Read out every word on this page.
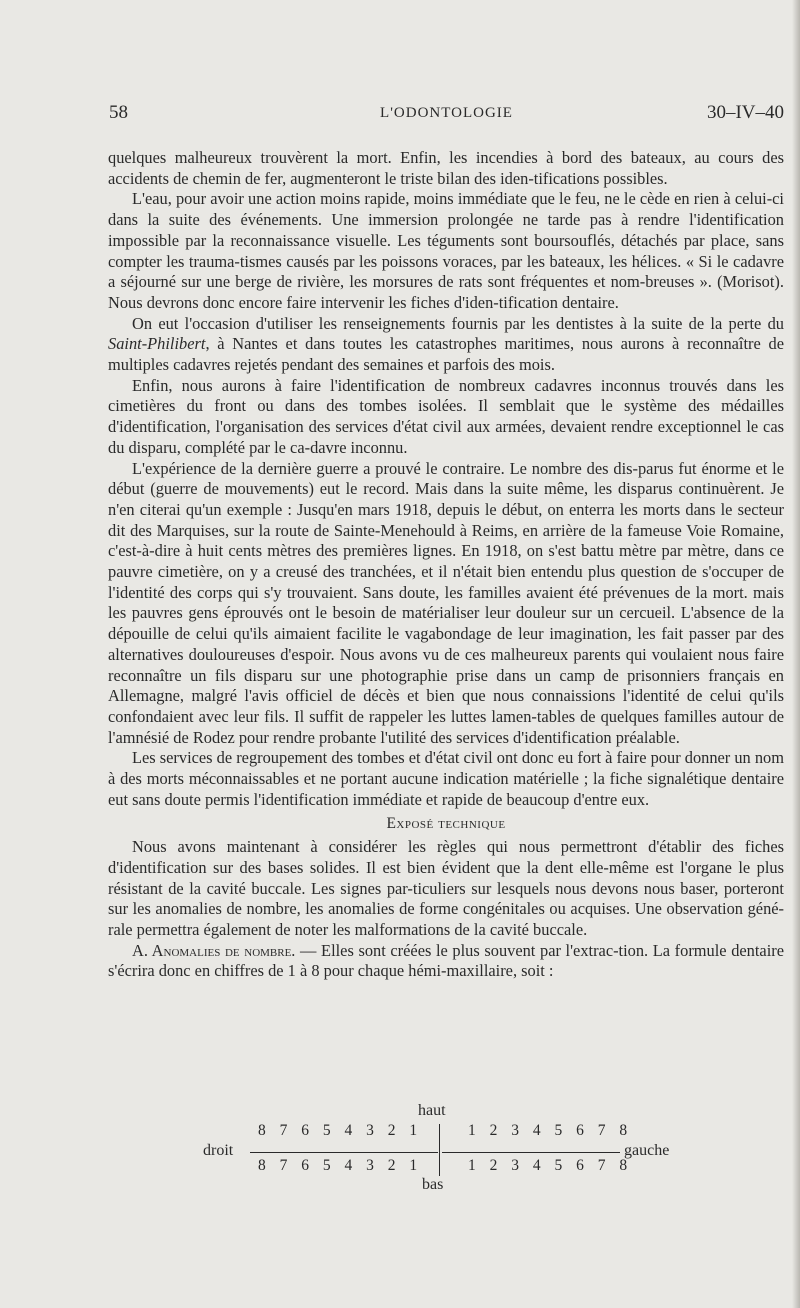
58	L'ODONTOLOGIE	30–IV–40

quelques malheureux trouvèrent la mort. Enfin, les incendies à bord des bateaux, au cours des accidents de chemin de fer, augmenteront le triste bilan des iden-tifications possibles.

L'eau, pour avoir une action moins rapide, moins immédiate que le feu, ne le cède en rien à celui-ci dans la suite des événements. Une immersion prolongée ne tarde pas à rendre l'identification impossible par la reconnaissance visuelle. Les téguments sont boursouflés, détachés par place, sans compter les trauma-tismes causés par les poissons voraces, par les bateaux, les hélices. « Si le cadavre a séjourné sur une berge de rivière, les morsures de rats sont fréquentes et nom-breuses ». (Morisot). Nous devrons donc encore faire intervenir les fiches d'iden-tification dentaire.

On eut l'occasion d'utiliser les renseignements fournis par les dentistes à la suite de la perte du Saint-Philibert, à Nantes et dans toutes les catastrophes maritimes, nous aurons à reconnaître de multiples cadavres rejetés pendant des semaines et parfois des mois.

Enfin, nous aurons à faire l'identification de nombreux cadavres inconnus trouvés dans les cimetières du front ou dans des tombes isolées. Il semblait que le système des médailles d'identification, l'organisation des services d'état civil aux armées, devaient rendre exceptionnel le cas du disparu, complété par le ca-davre inconnu.

L'expérience de la dernière guerre a prouvé le contraire. Le nombre des dis-parus fut énorme et le début (guerre de mouvements) eut le record. Mais dans la suite même, les disparus continuèrent. Je n'en citerai qu'un exemple : Jusqu'en mars 1918, depuis le début, on enterra les morts dans le secteur dit des Marquises, sur la route de Sainte-Menehould à Reims, en arrière de la fameuse Voie Romaine, c'est-à-dire à huit cents mètres des premières lignes. En 1918, on s'est battu mètre par mètre, dans ce pauvre cimetière, on y a creusé des tranchées, et il n'était bien entendu plus question de s'occuper de l'identité des corps qui s'y trouvaient. Sans doute, les familles avaient été prévenues de la mort. mais les pauvres gens éprouvés ont le besoin de matérialiser leur douleur sur un cercueil. L'absence de la dépouille de celui qu'ils aimaient facilite le vagabondage de leur imagination, les fait passer par des alternatives douloureuses d'espoir. Nous avons vu de ces malheureux parents qui voulaient nous faire reconnaître un fils disparu sur une photographie prise dans un camp de prisonniers français en Allemagne, malgré l'avis officiel de décès et bien que nous connaissions l'identité de celui qu'ils confondaient avec leur fils. Il suffit de rappeler les luttes lamen-tables de quelques familles autour de l'amnésié de Rodez pour rendre probante l'utilité des services d'identification préalable.

Les services de regroupement des tombes et d'état civil ont donc eu fort à faire pour donner un nom à des morts méconnaissables et ne portant aucune indication matérielle ; la fiche signalétique dentaire eut sans doute permis l'identification immédiate et rapide de beaucoup d'entre eux.

Exposé technique

Nous avons maintenant à considérer les règles qui nous permettront d'établir des fiches d'identification sur des bases solides. Il est bien évident que la dent elle-même est l'organe le plus résistant de la cavité buccale. Les signes par-ticuliers sur lesquels nous devons nous baser, porteront sur les anomalies de nombre, les anomalies de forme congénitales ou acquises. Une observation géné-rale permettra également de noter les malformations de la cavité buccale.

A. Anomalies de nombre. — Elles sont créées le plus souvent par l'extrac-tion. La formule dentaire s'écrira donc en chiffres de 1 à 8 pour chaque hémi-maxillaire, soit :

haut
8 7 6 5 4 3 2 1	1 2 3 4 5 6 7 8
droit	gauche
8 7 6 5 4 3 2 1	1 2 3 4 5 6 7 8
bas
